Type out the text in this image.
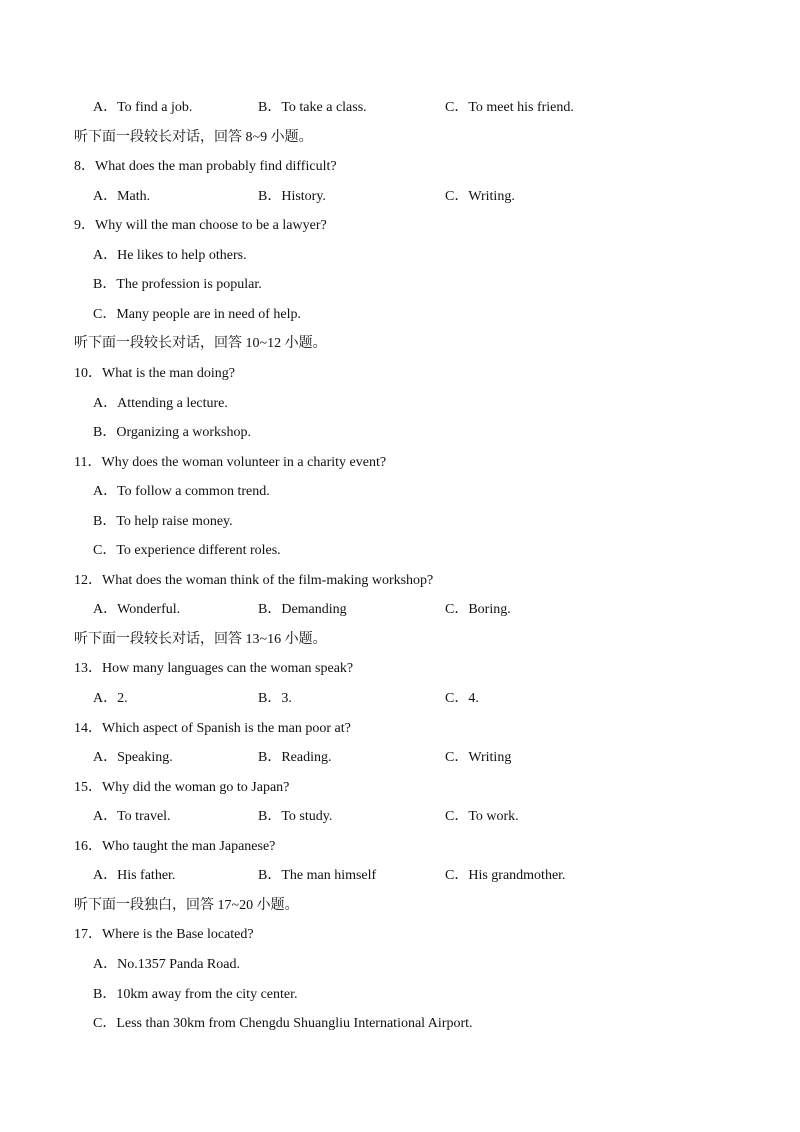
A．To find a job.	B．To take a class.	C．To meet his friend.
听下面一段较长对话，回答 8~9 小题。
8．What does the man probably find difficult?
A．Math.	B．History.	C．Writing.
9．Why will the man choose to be a lawyer?
A．He likes to help others.
B．The profession is popular.
C．Many people are in need of help.
听下面一段较长对话，回答 10~12 小题。
10．What is the man doing?
A．Attending a lecture.
B．Organizing a workshop.
11．Why does the woman volunteer in a charity event?
A．To follow a common trend.
B．To help raise money.
C．To experience different roles.
12．What does the woman think of the film-making workshop?
A．Wonderful.	B．Demanding	C．Boring.
听下面一段较长对话，回答 13~16 小题。
13．How many languages can the woman speak?
A．2.	B．3.	C．4.
14．Which aspect of Spanish is the man poor at?
A．Speaking.	B．Reading.	C．Writing
15．Why did the woman go to Japan?
A．To travel.	B．To study.	C．To work.
16．Who taught the man Japanese?
A．His father.	B．The man himself	C．His grandmother.
听下面一段独白，回答 17~20 小题。
17．Where is the Base located?
A．No.1357 Panda Road.
B．10km away from the city center.
C．Less than 30km from Chengdu Shuangliu International Airport.
